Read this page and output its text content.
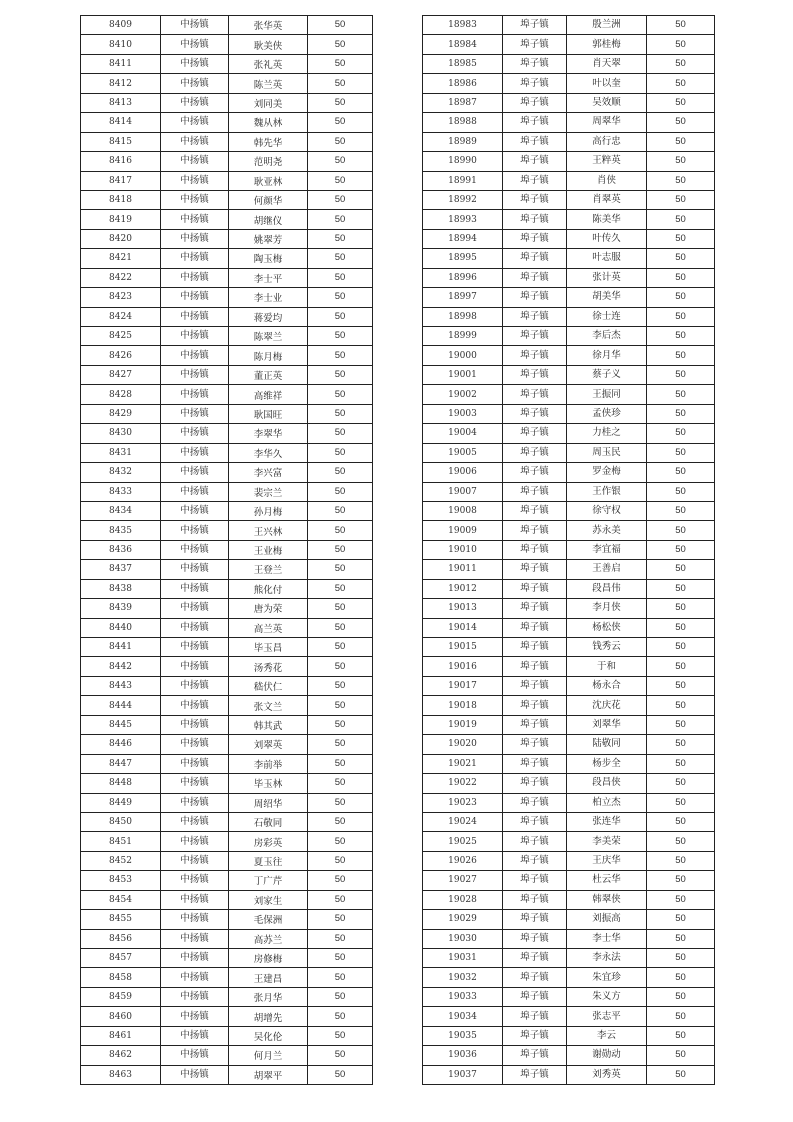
8409	中扬镇	张华英	50
8410	中扬镇	耿美侠	50
8411	中扬镇	张礼英	50
8412	中扬镇	陈兰英	50
8413	中扬镇	刘同美	50
8414	中扬镇	魏从林	50
8415	中扬镇	韩先华	50
8416	中扬镇	范明尧	50
8417	中扬镇	耿亚林	50
8418	中扬镇	何颜华	50
8419	中扬镇	胡继仪	50
8420	中扬镇	姚翠芳	50
8421	中扬镇	陶玉梅	50
8422	中扬镇	李士平	50
8423	中扬镇	李士业	50
8424	中扬镇	蒋爱均	50
8425	中扬镇	陈翠兰	50
8426	中扬镇	陈月梅	50
8427	中扬镇	董正英	50
8428	中扬镇	高维祥	50
8429	中扬镇	耿国旺	50
8430	中扬镇	李翠华	50
8431	中扬镇	李华久	50
8432	中扬镇	李兴富	50
8433	中扬镇	裴宗兰	50
8434	中扬镇	孙月梅	50
8435	中扬镇	王兴林	50
8436	中扬镇	王业梅	50
8437	中扬镇	王登兰	50
8438	中扬镇	熊化付	50
8439	中扬镇	唐为荣	50
8440	中扬镇	高兰英	50
8441	中扬镇	毕玉昌	50
8442	中扬镇	汤秀花	50
8443	中扬镇	嵇伏仁	50
8444	中扬镇	张文兰	50
8445	中扬镇	韩其武	50
8446	中扬镇	刘翠英	50
8447	中扬镇	李前举	50
8448	中扬镇	毕玉林	50
8449	中扬镇	周绍华	50
8450	中扬镇	石敬同	50
8451	中扬镇	房彩英	50
8452	中扬镇	夏玉往	50
8453	中扬镇	丁广芹	50
8454	中扬镇	刘家生	50
8455	中扬镇	毛保洲	50
8456	中扬镇	高苏兰	50
8457	中扬镇	房修梅	50
8458	中扬镇	王建昌	50
8459	中扬镇	张月华	50
8460	中扬镇	胡增先	50
8461	中扬镇	吴化伦	50
8462	中扬镇	何月兰	50
8463	中扬镇	胡翠平	50
18983	埠子镇	殷兰洲	50
18984	埠子镇	郭桂梅	50
18985	埠子镇	肖天翠	50
18986	埠子镇	叶以奎	50
18987	埠子镇	吴效顺	50
18988	埠子镇	周翠华	50
18989	埠子镇	高行忠	50
18990	埠子镇	王粹英	50
18991	埠子镇	肖侠	50
18992	埠子镇	肖翠英	50
18993	埠子镇	陈美华	50
18994	埠子镇	叶传久	50
18995	埠子镇	叶志服	50
18996	埠子镇	张计英	50
18997	埠子镇	胡美华	50
18998	埠子镇	徐士连	50
18999	埠子镇	李后杰	50
19000	埠子镇	徐月华	50
19001	埠子镇	蔡子义	50
19002	埠子镇	王振同	50
19003	埠子镇	孟侠珍	50
19004	埠子镇	力桂之	50
19005	埠子镇	周玉民	50
19006	埠子镇	罗金梅	50
19007	埠子镇	王作银	50
19008	埠子镇	徐守权	50
19009	埠子镇	苏永美	50
19010	埠子镇	李宜福	50
19011	埠子镇	王善启	50
19012	埠子镇	段昌伟	50
19013	埠子镇	李月侠	50
19014	埠子镇	杨松侠	50
19015	埠子镇	钱秀云	50
19016	埠子镇	于和	50
19017	埠子镇	杨永合	50
19018	埠子镇	沈庆花	50
19019	埠子镇	刘翠华	50
19020	埠子镇	陆敬同	50
19021	埠子镇	杨步全	50
19022	埠子镇	段昌侠	50
19023	埠子镇	柏立杰	50
19024	埠子镇	张连华	50
19025	埠子镇	李美荣	50
19026	埠子镇	王庆华	50
19027	埠子镇	杜云华	50
19028	埠子镇	韩翠侠	50
19029	埠子镇	刘振高	50
19030	埠子镇	李士华	50
19031	埠子镇	李永法	50
19032	埠子镇	朱宜珍	50
19033	埠子镇	朱义方	50
19034	埠子镇	张志平	50
19035	埠子镇	李云	50
19036	埠子镇	谢勋动	50
19037	埠子镇	刘秀英	50
